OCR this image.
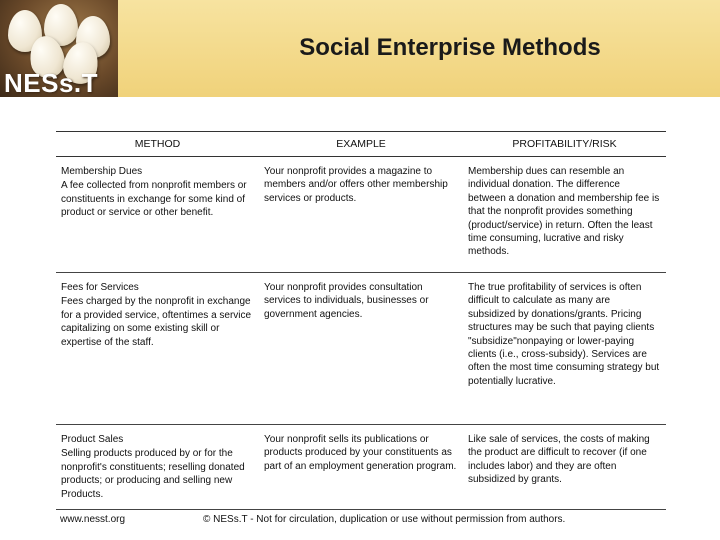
NESs.T
Social Enterprise Methods
METHOD	EXAMPLE	PROFITABILITY/RISK

Membership Dues
A fee collected from nonprofit members or constituents in exchange for some kind of product or service or other benefit.	Your nonprofit provides a magazine to members and/or offers other membership services or products.	Membership dues can resemble an individual donation. The difference between a donation and membership fee is that the nonprofit provides something (product/service) in return. Often the least time consuming, lucrative and risky methods.

Fees for Services
Fees charged by the nonprofit in exchange for a provided service, oftentimes a service capitalizing on some existing skill or expertise of the staff.	Your nonprofit provides consultation services to individuals, businesses or government agencies.	The true profitability of services is often difficult to calculate as many are subsidized by donations/grants. Pricing structures may be such that paying clients "subsidize"nonpaying or lower-paying clients (i.e., cross-subsidy). Services are often the most time consuming strategy but potentially lucrative.

Product Sales
Selling products produced by or for the nonprofit's constituents; reselling donated products; or producing and selling new Products.	Your nonprofit sells its publications or products produced by your constituents as part of an employment generation program.	Like sale of services, the costs of making the product are difficult to recover (if one includes labor) and they are often subsidized by grants.
www.nesst.org	© NESs.T - Not for circulation, duplication or use without permission from authors.
